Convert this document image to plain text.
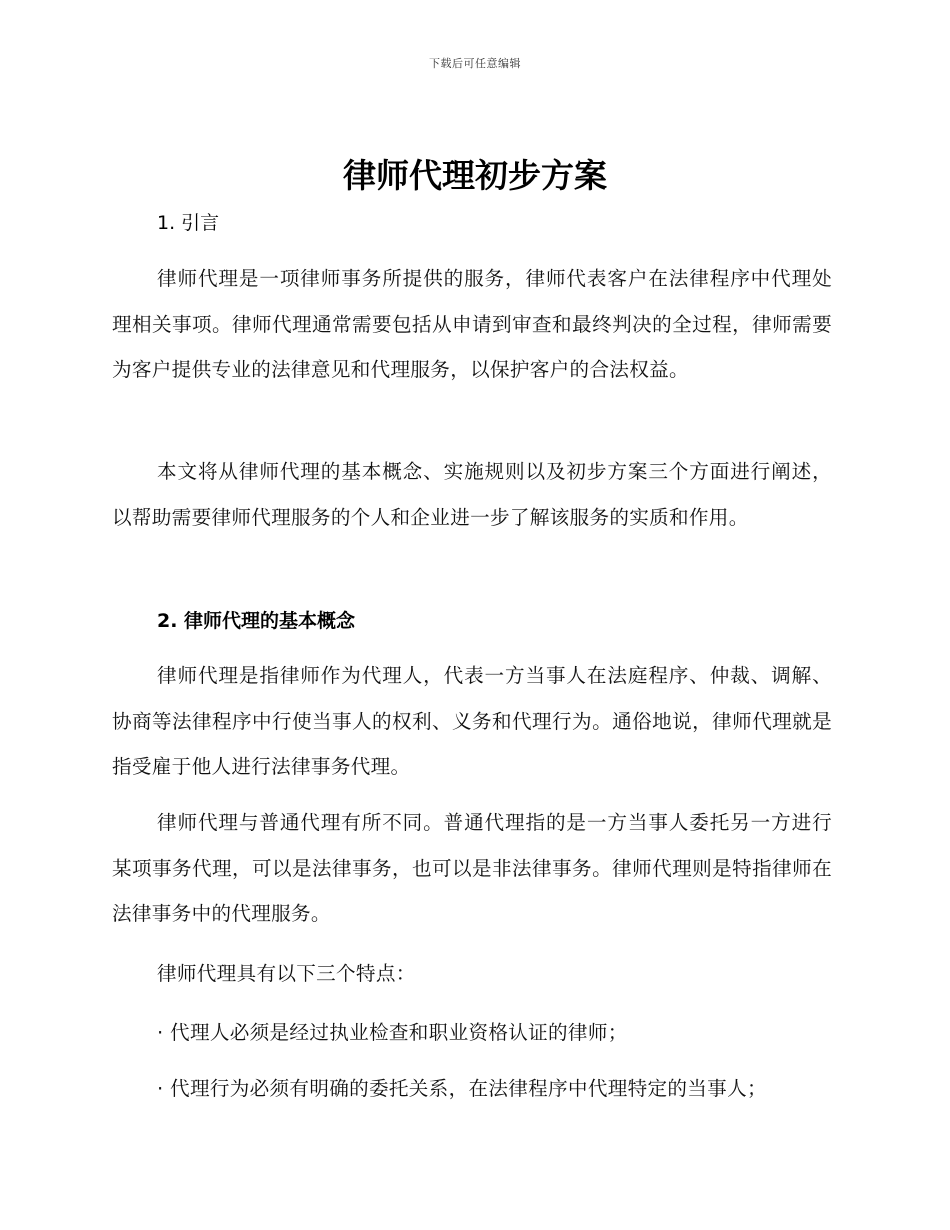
下载后可任意编辑
律师代理初步方案
1. 引言
律师代理是一项律师事务所提供的服务，律师代表客户在法律程序中代理处理相关事项。律师代理通常需要包括从申请到审查和最终判决的全过程，律师需要为客户提供专业的法律意见和代理服务，以保护客户的合法权益。
本文将从律师代理的基本概念、实施规则以及初步方案三个方面进行阐述，以帮助需要律师代理服务的个人和企业进一步了解该服务的实质和作用。
2. 律师代理的基本概念
律师代理是指律师作为代理人，代表一方当事人在法庭程序、仲裁、调解、协商等法律程序中行使当事人的权利、义务和代理行为。通俗地说，律师代理就是指受雇于他人进行法律事务代理。
律师代理与普通代理有所不同。普通代理指的是一方当事人委托另一方进行某项事务代理，可以是法律事务，也可以是非法律事务。律师代理则是特指律师在法律事务中的代理服务。
律师代理具有以下三个特点：
· 代理人必须是经过执业检查和职业资格认证的律师；
· 代理行为必须有明确的委托关系，在法律程序中代理特定的当事人；
